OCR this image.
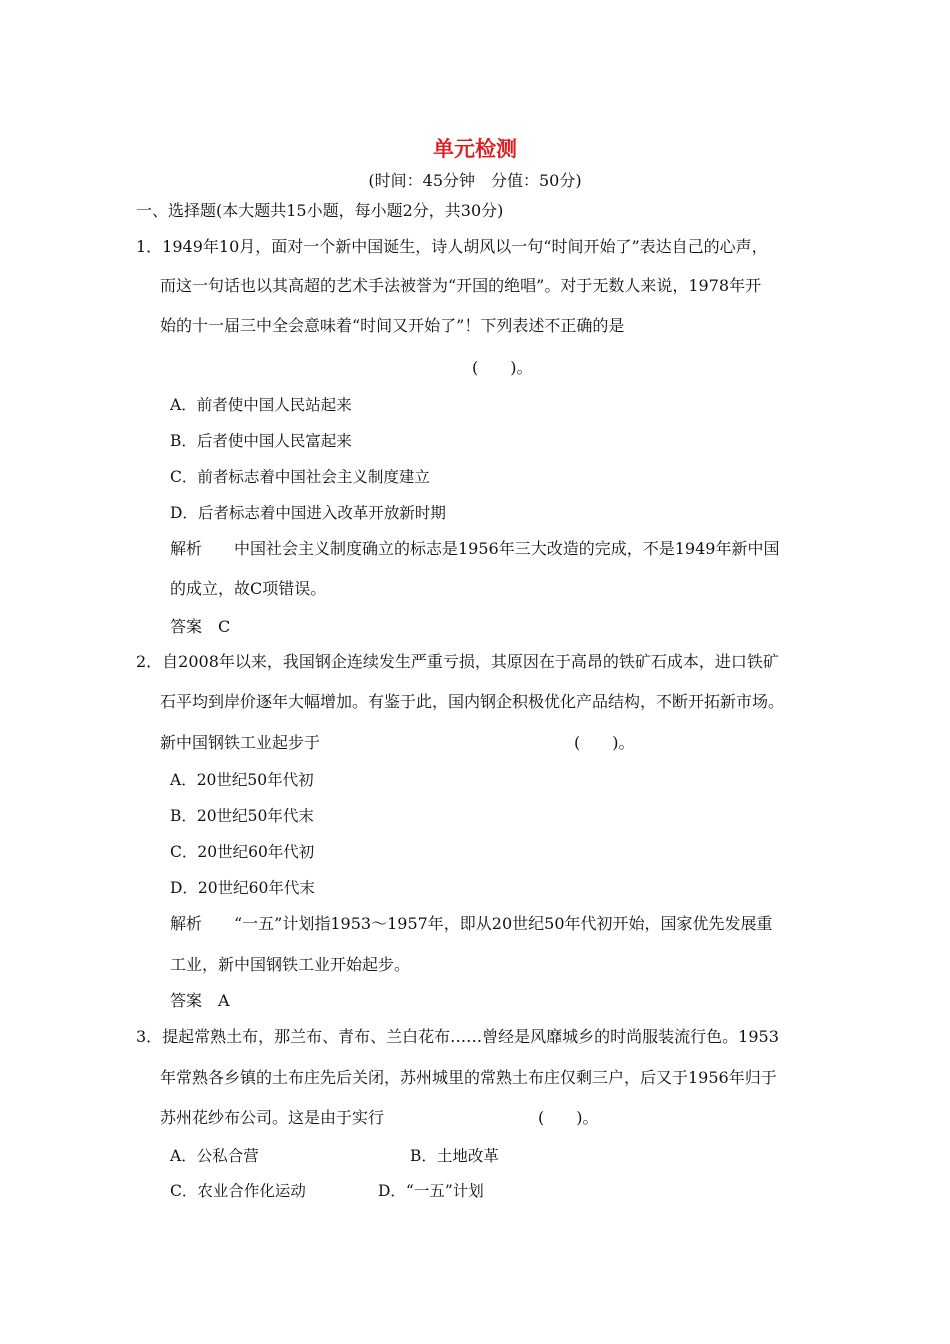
单元检测
(时间：45分钟　分值：50分)
一、选择题(本大题共15小题，每小题2分，共30分)
1．1949年10月，面对一个新中国诞生，诗人胡风以一句“时间开始了”表达自己的心声，
而这一句话也以其高超的艺术手法被誉为“开国的绝唱”。对于无数人来说，1978年开
始的十一届三中全会意味着“时间又开始了”！下列表述不正确的是
(　　)。
A．前者使中国人民站起来
B．后者使中国人民富起来
C．前者标志着中国社会主义制度建立
D．后者标志着中国进入改革开放新时期
解析　　中国社会主义制度确立的标志是1956年三大改造的完成，不是1949年新中国
的成立，故C项错误。
答案　C
2．自2008年以来，我国钢企连续发生严重亏损，其原因在于高昂的铁矿石成本，进口铁矿
石平均到岸价逐年大幅增加。有鉴于此，国内钢企积极优化产品结构，不断开拓新市场。
新中国钢铁工业起步于	(　　)。
A．20世纪50年代初
B．20世纪50年代末
C．20世纪60年代初
D．20世纪60年代末
解析　　“一五”计划指1953～1957年，即从20世纪50年代初开始，国家优先发展重
工业，新中国钢铁工业开始起步。
答案　A
3．提起常熟土布，那兰布、青布、兰白花布……曾经是风靡城乡的时尚服装流行色。1953
年常熟各乡镇的土布庄先后关闭，苏州城里的常熟土布庄仅剩三户，后又于1956年归于
苏州花纱布公司。这是由于实行	(　　)。
A．公私合营	B．土地改革
C．农业合作化运动	D．“一五”计划
